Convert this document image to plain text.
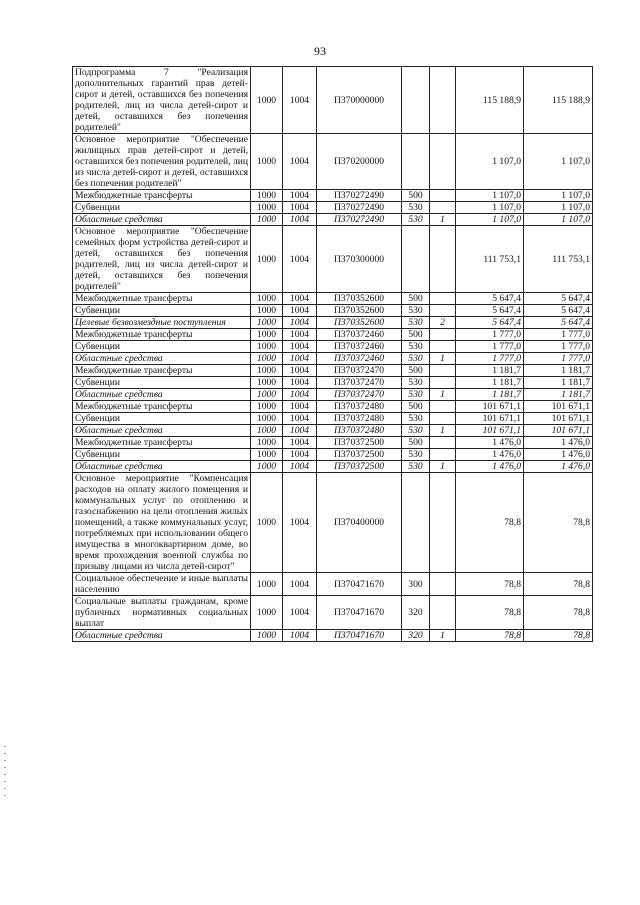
93
Подпрограмма 7 "Реализация дополнительных гарантий прав детей-сирот и детей, оставшихся без попечения родителей, лиц из числа детей-сирот и детей, оставшихся без попечения родителей"	1000	1004	П370000000			115 188,9	115 188,9
Основное мероприятие "Обеспечение жилищных прав детей-сирот и детей, оставшихся без попечения родителей, лиц из числа детей-сирот и детей, оставшихся без попечения родителей"	1000	1004	П370200000			1 107,0	1 107,0
Межбюджетные трансферты	1000	1004	П370272490	500		1 107,0	1 107,0
Субвенции	1000	1004	П370272490	530		1 107,0	1 107,0
Областные средства	1000	1004	П370272490	530	1	1 107,0	1 107,0
Основное мероприятие "Обеспечение семейных форм устройства детей-сирот и детей, оставшихся без попечения родителей, лиц из числа детей-сирот и детей, оставшихся без попечения родителей"	1000	1004	П370300000			111 753,1	111 753,1
Межбюджетные трансферты	1000	1004	П370352600	500		5 647,4	5 647,4
Субвенции	1000	1004	П370352600	530		5 647,4	5 647,4
Целевые безвозмездные поступления	1000	1004	П370352600	530	2	5 647,4	5 647,4
Межбюджетные трансферты	1000	1004	П370372460	500		1 777,0	1 777,0
Субвенции	1000	1004	П370372460	530		1 777,0	1 777,0
Областные средства	1000	1004	П370372460	530	1	1 777,0	1 777,0
Межбюджетные трансферты	1000	1004	П370372470	500		1 181,7	1 181,7
Субвенции	1000	1004	П370372470	530		1 181,7	1 181,7
Областные средства	1000	1004	П370372470	530	1	1 181,7	1 181,7
Межбюджетные трансферты	1000	1004	П370372480	500		101 671,1	101 671,1
Субвенции	1000	1004	П370372480	530		101 671,1	101 671,1
Областные средства	1000	1004	П370372480	530	1	101 671,1	101 671,1
Межбюджетные трансферты	1000	1004	П370372500	500		1 476,0	1 476,0
Субвенции	1000	1004	П370372500	530		1 476,0	1 476,0
Областные средства	1000	1004	П370372500	530	1	1 476,0	1 476,0
Основное мероприятие "Компенсация расходов на оплату жилого помещения и коммунальных услуг по отоплению и газоснабжению на цели отопления жилых помещений, а также коммунальных услуг, потребляемых при использовании общего имущества в многоквартирном доме, во время прохождения военной службы по призыву лицами из числа детей-сирот"	1000	1004	П370400000			78,8	78,8
Социальное обеспечение и иные выплаты населению	1000	1004	П370471670	300		78,8	78,8
Социальные выплаты гражданам, кроме публичных нормативных социальных выплат	1000	1004	П370471670	320		78,8	78,8
Областные средства	1000	1004	П370471670	320	1	78,8	78,8
